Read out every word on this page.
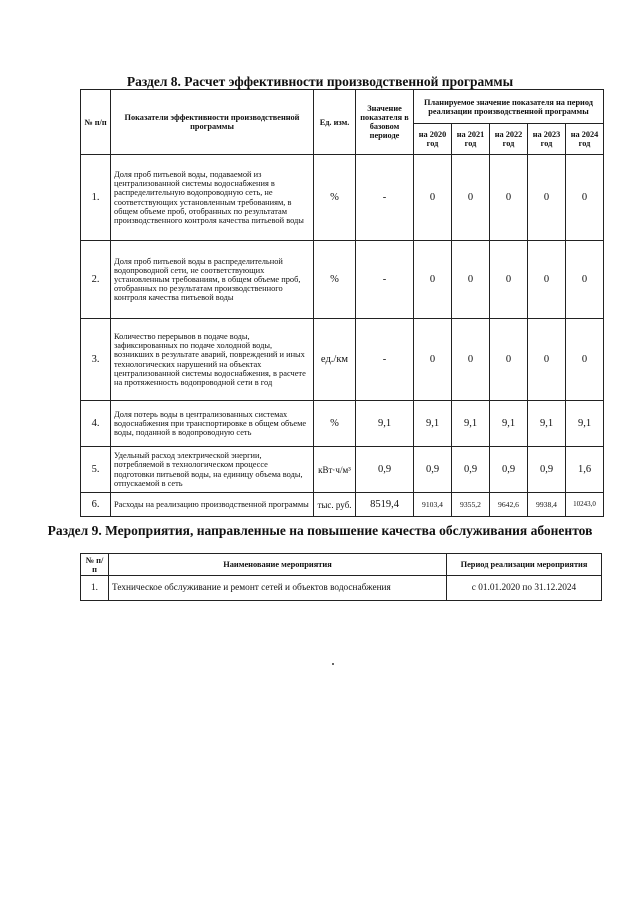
Раздел 8. Расчет эффективности производственной программы
№ п/п	Показатели эффективности производственной программы	Ед. изм.	Значение показателя в базовом периоде	Планируемое значение показателя на период реализации производственной программы				
				на 2020 год	на 2021 год	на 2022 год	на 2023 год	на 2024 год
1.	Доля проб питьевой воды, подаваемой из централизованной системы водоснабжения в распределительную водопроводную сеть, не соответствующих установленным требованиям, в общем объеме проб, отобранных по результатам производственного контроля качества питьевой воды	%	-	0	0	0	0	0
2.	Доля проб питьевой воды в распределительной водопроводной сети, не соответствующих установленным требованиям, в общем объеме проб, отобранных по результатам производственного контроля качества питьевой воды	%	-	0	0	0	0	0
3.	Количество перерывов в подаче воды, зафиксированных по подаче холодной воды, возникших в результате аварий, повреждений и иных технологических нарушений на объектах централизованной системы водоснабжения, в расчете на протяженность водопроводной сети в год	ед./км	-	0	0	0	0	0
4.	Доля потерь воды в централизованных системах водоснабжения при транспортировке в общем объеме воды, поданной в водопроводную сеть	%	9,1	9,1	9,1	9,1	9,1	9,1
5.	Удельный расход электрической энергии, потребляемой в технологическом процессе подготовки питьевой воды, на единицу объема воды, отпускаемой в сеть	кВт·ч/м³	0,9	0,9	0,9	0,9	0,9	1,6
6.	Расходы на реализацию производственной программы	тыс. руб.	8519,4	9103,4	9355,2	9642,6	9938,4	10243,0
Раздел 9. Мероприятия, направленные на повышение качества обслуживания абонентов
№ п/п	Наименование мероприятия	Период реализации мероприятия
1.	Техническое обслуживание и ремонт сетей и объектов водоснабжения	с 01.01.2020 по 31.12.2024
